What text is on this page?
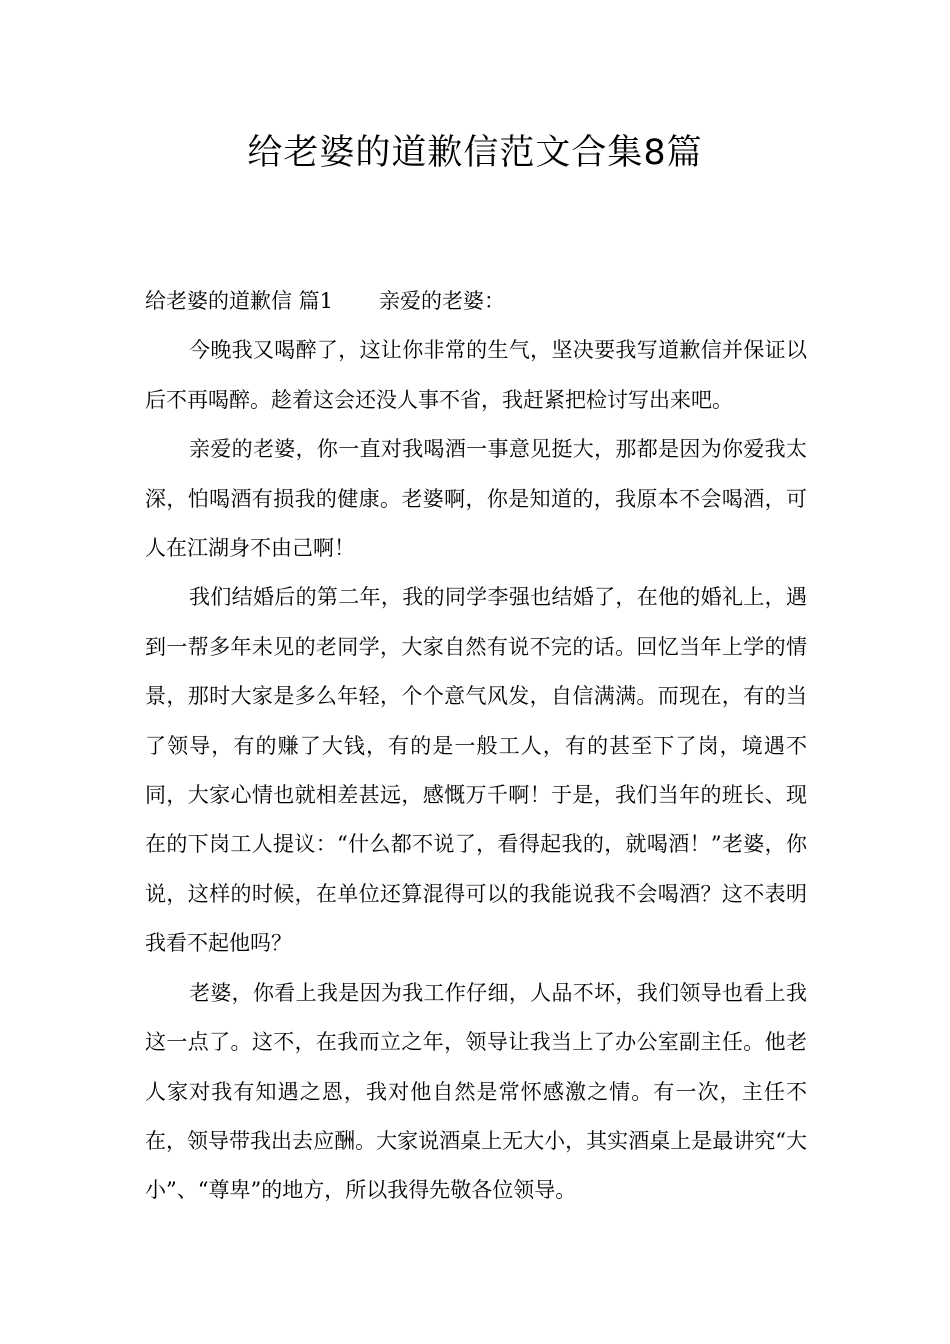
给老婆的道歉信范文合集8篇

给老婆的道歉信 篇1 亲爱的老婆：

今晚我又喝醉了，这让你非常的生气，坚决要我写道歉信并保证以后不再喝醉。趁着这会还没人事不省，我赶紧把检讨写出来吧。

亲爱的老婆，你一直对我喝酒一事意见挺大，那都是因为你爱我太深，怕喝酒有损我的健康。老婆啊，你是知道的，我原本不会喝酒，可人在江湖身不由己啊！

我们结婚后的第二年，我的同学李强也结婚了，在他的婚礼上，遇到一帮多年未见的老同学，大家自然有说不完的话。回忆当年上学的情景，那时大家是多么年轻，个个意气风发，自信满满。而现在，有的当了领导，有的赚了大钱，有的是一般工人，有的甚至下了岗，境遇不同，大家心情也就相差甚远，感慨万千啊！于是，我们当年的班长、现在的下岗工人提议：“什么都不说了，看得起我的，就喝酒！”老婆，你说，这样的时候，在单位还算混得可以的我能说我不会喝酒？这不表明我看不起他吗？

老婆，你看上我是因为我工作仔细，人品不坏，我们领导也看上我这一点了。这不，在我而立之年，领导让我当上了办公室副主任。他老人家对我有知遇之恩，我对他自然是常怀感激之情。有一次，主任不在，领导带我出去应酬。大家说酒桌上无大小，其实酒桌上是最讲究“大小”、“尊卑”的地方，所以我得先敬各位领导。
